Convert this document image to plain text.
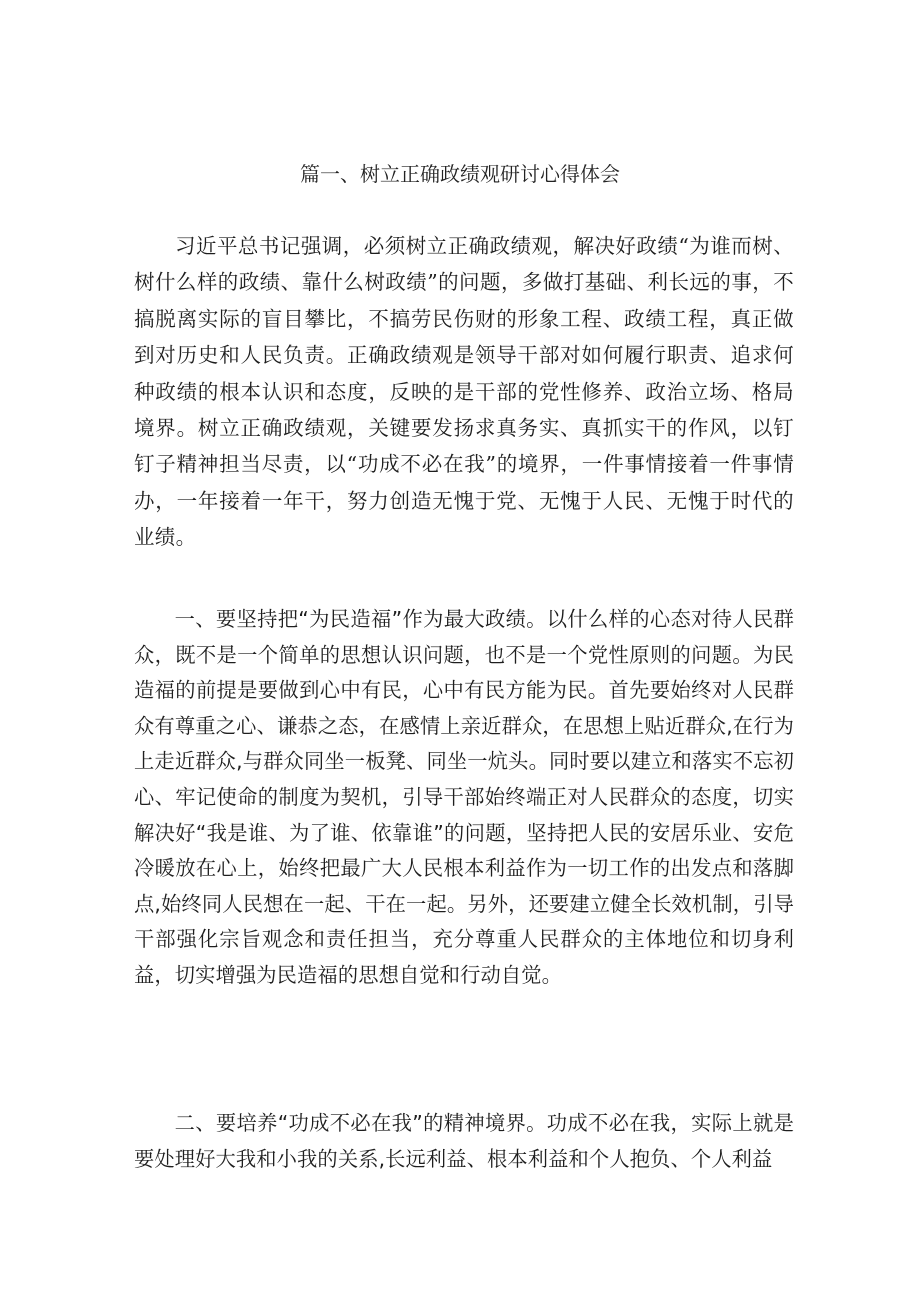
篇一、树立正确政绩观研讨心得体会

习近平总书记强调，必须树立正确政绩观，解决好政绩“为谁而树、树什么样的政绩、靠什么树政绩”的问题，多做打基础、利长远的事，不搞脱离实际的盲目攀比，不搞劳民伤财的形象工程、政绩工程，真正做到对历史和人民负责。正确政绩观是领导干部对如何履行职责、追求何种政绩的根本认识和态度，反映的是干部的党性修养、政治立场、格局境界。树立正确政绩观，关键要发扬求真务实、真抓实干的作风，以钉钉子精神担当尽责，以“功成不必在我”的境界，一件事情接着一件事情办，一年接着一年干，努力创造无愧于党、无愧于人民、无愧于时代的业绩。

一、要坚持把“为民造福”作为最大政绩。以什么样的心态对待人民群众，既不是一个简单的思想认识问题，也不是一个党性原则的问题。为民造福的前提是要做到心中有民，心中有民方能为民。首先要始终对人民群众有尊重之心、谦恭之态，在感情上亲近群众，在思想上贴近群众,在行为上走近群众,与群众同坐一板凳、同坐一炕头。同时要以建立和落实不忘初心、牢记使命的制度为契机，引导干部始终端正对人民群众的态度，切实解决好“我是谁、为了谁、依靠谁”的问题，坚持把人民的安居乐业、安危冷暖放在心上，始终把最广大人民根本利益作为一切工作的出发点和落脚点,始终同人民想在一起、干在一起。另外，还要建立健全长效机制，引导干部强化宗旨观念和责任担当，充分尊重人民群众的主体地位和切身利益，切实增强为民造福的思想自觉和行动自觉。

二、要培养“功成不必在我”的精神境界。功成不必在我，实际上就是要处理好大我和小我的关系,长远利益、根本利益和个人抱负、个人利益
